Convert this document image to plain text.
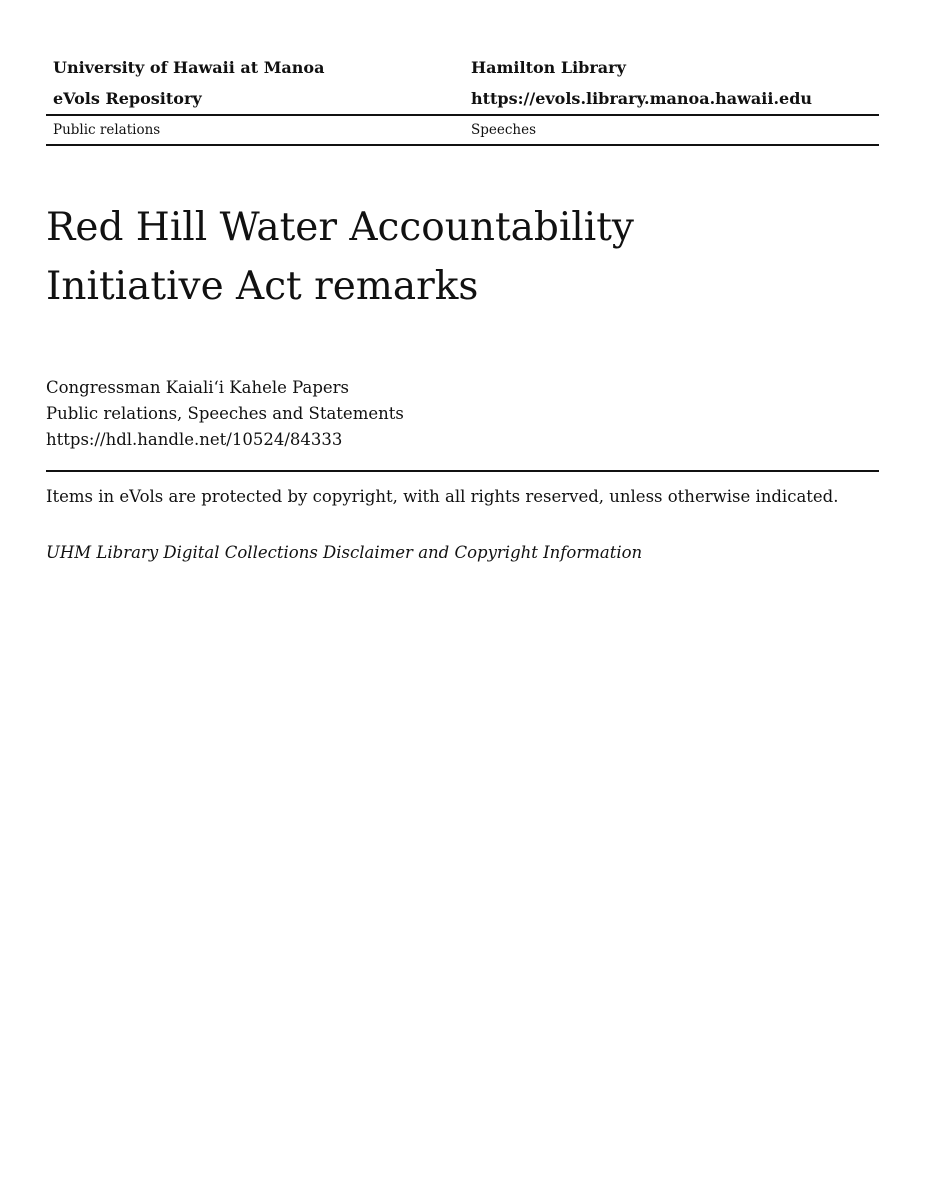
University of Hawaii at Manoa	Hamilton Library
eVols Repository	https://evols.library.manoa.hawaii.edu
Public relations	Speeches
Red Hill Water Accountability
Initiative Act remarks
Congressman Kaiali‘i Kahele Papers
Public relations, Speeches and Statements
https://hdl.handle.net/10524/84333
Items in eVols are protected by copyright, with all rights reserved, unless otherwise indicated.
UHM Library Digital Collections Disclaimer and Copyright Information
